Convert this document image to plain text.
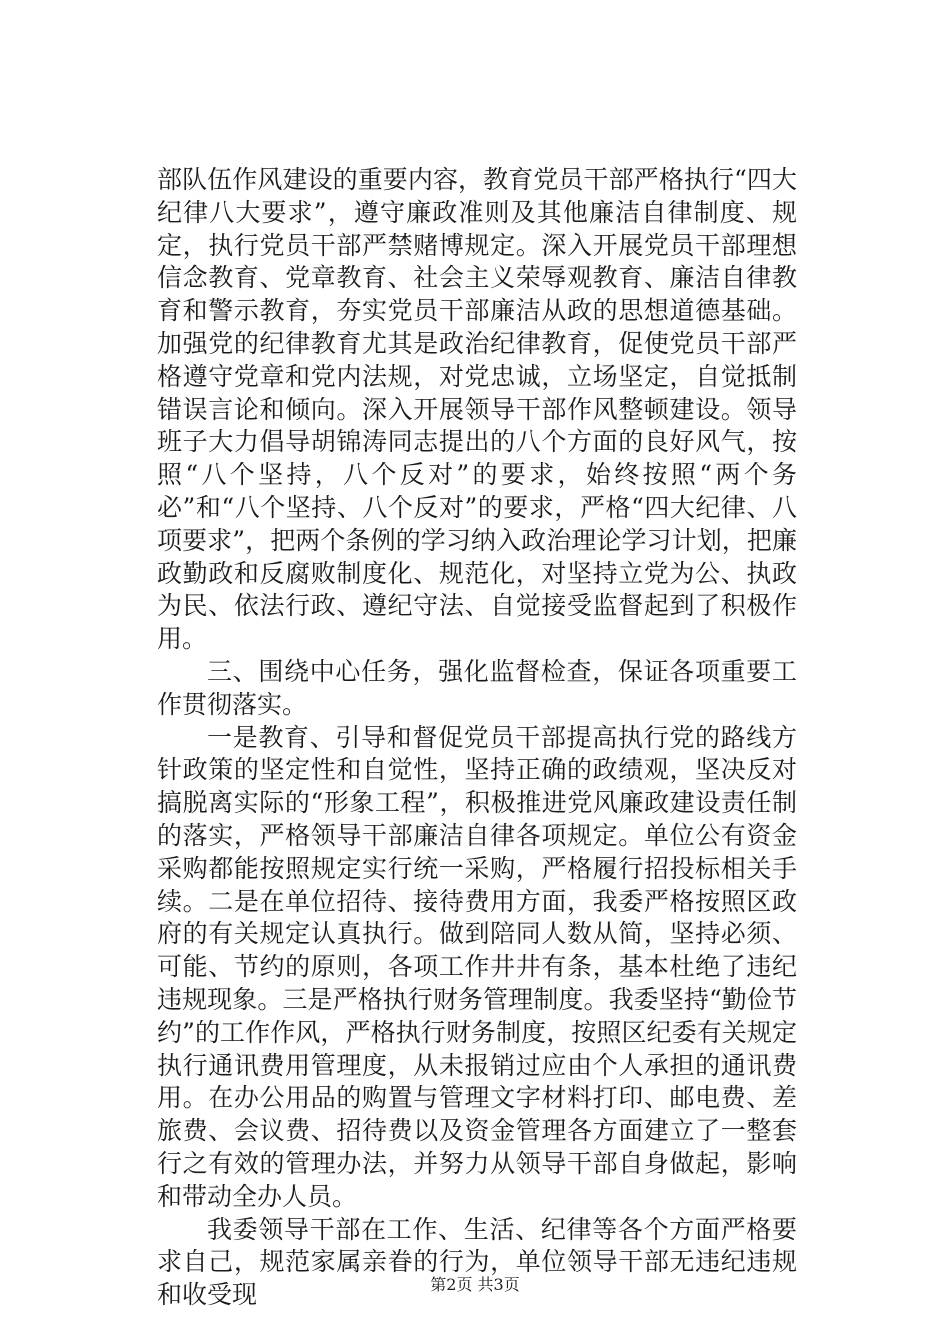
部队伍作风建设的重要内容，教育党员干部严格执行“四大纪律八大要求”，遵守廉政准则及其他廉洁自律制度、规定，执行党员干部严禁赌博规定。深入开展党员干部理想信念教育、党章教育、社会主义荣辱观教育、廉洁自律教育和警示教育，夯实党员干部廉洁从政的思想道德基础。加强党的纪律教育尤其是政治纪律教育，促使党员干部严格遵守党章和党内法规，对党忠诚，立场坚定，自觉抵制错误言论和倾向。深入开展领导干部作风整顿建设。领导班子大力倡导胡锦涛同志提出的八个方面的良好风气，按照“八个坚持，八个反对”的要求，始终按照“两个务必”和“八个坚持、八个反对”的要求，严格“四大纪律、八项要求”，把两个条例的学习纳入政治理论学习计划，把廉政勤政和反腐败制度化、规范化，对坚持立党为公、执政为民、依法行政、遵纪守法、自觉接受监督起到了积极作用。

三、围绕中心任务，强化监督检查，保证各项重要工作贯彻落实。

一是教育、引导和督促党员干部提高执行党的路线方针政策的坚定性和自觉性，坚持正确的政绩观，坚决反对搞脱离实际的“形象工程”，积极推进党风廉政建设责任制的落实，严格领导干部廉洁自律各项规定。单位公有资金采购都能按照规定实行统一采购，严格履行招投标相关手续。二是在单位招待、接待费用方面，我委严格按照区政府的有关规定认真执行。做到陪同人数从简，坚持必须、可能、节约的原则，各项工作井井有条，基本杜绝了违纪违规现象。三是严格执行财务管理制度。我委坚持“勤俭节约”的工作作风，严格执行财务制度，按照区纪委有关规定执行通讯费用管理度，从未报销过应由个人承担的通讯费用。在办公用品的购置与管理文字材料打印、邮电费、差旅费、会议费、招待费以及资金管理各方面建立了一整套行之有效的管理办法，并努力从领导干部自身做起，影响和带动全办人员。

我委领导干部在工作、生活、纪律等各个方面严格要求自己，规范家属亲眷的行为，单位领导干部无违纪违规和收受现	第2页 共3页
